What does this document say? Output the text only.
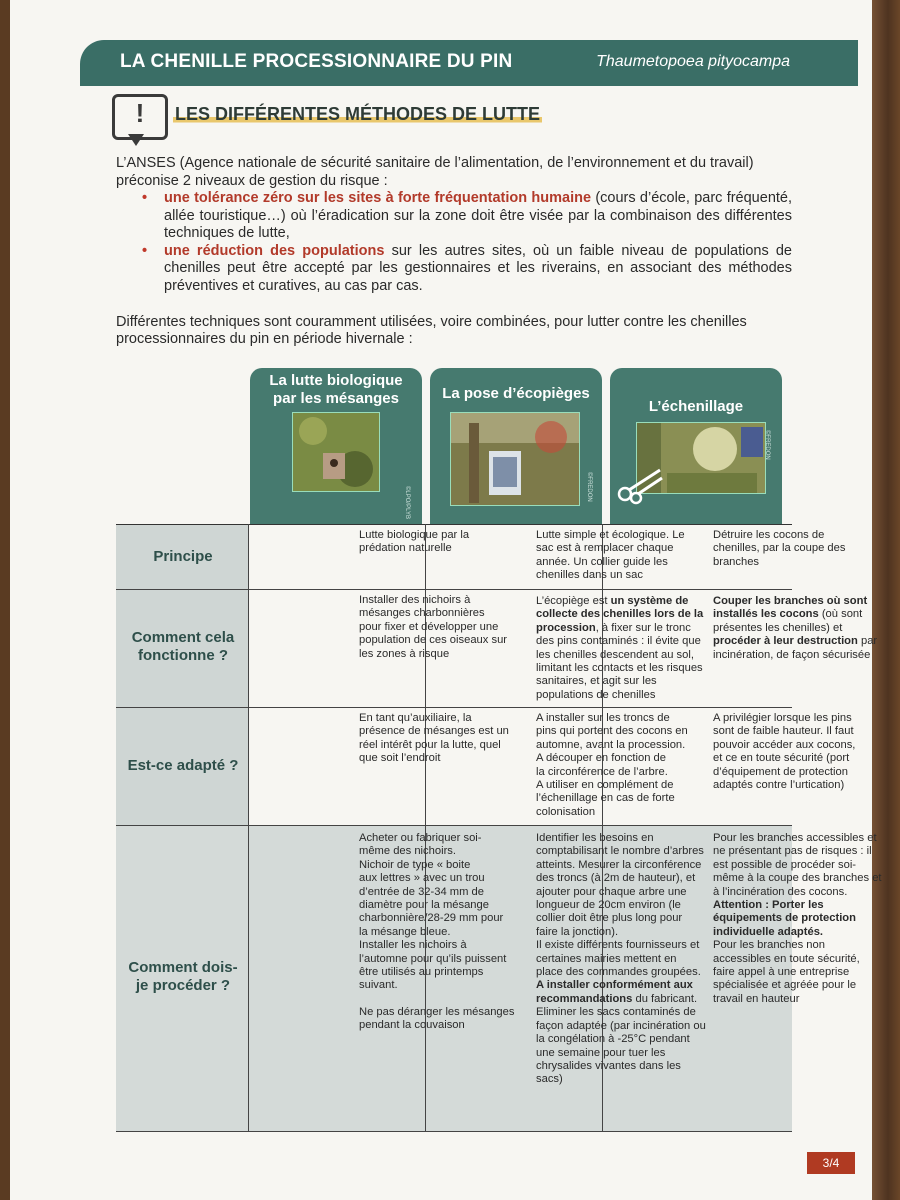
LA CHENILLE PROCESSIONNAIRE DU PIN	Thaumetopoea pityocampa
!	LES DIFFÉRENTES MÉTHODES DE LUTTE

L’ANSES (Agence nationale de sécurité sanitaire de l’alimentation, de l’environnement et du travail) préconise 2 niveaux de gestion du risque :

• une tolérance zéro sur les sites à forte fréquentation humaine (cours d’école, parc fréquenté, allée touristique…) où l’éradication sur la zone doit être visée par la combinaison des différentes techniques de lutte,
• une réduction des populations sur les autres sites, où un faible niveau de populations de chenilles peut être accepté par les gestionnaires et les riverains, en associant des méthodes préventives et curatives, au cas par cas.

Différentes techniques sont couramment utilisées, voire combinées, pour lutter contre les chenilles processionnaires du pin en période hivernale :

La lutte biologique
par les mésanges
©LPO/PLYB
La pose d’écopièges
©FREDON
L’échenillage
©FREDON
Principe
Lutte biologique par la
prédation naturelle
Lutte simple et écologique. Le
sac est à remplacer chaque
année. Un collier guide les
chenilles dans un sac
Détruire les cocons de
chenilles, par la coupe des
branches
Comment cela
fonctionne ?
Installer des nichoirs à
mésanges charbonnières
pour fixer et développer une
population de ces oiseaux sur
les zones à risque
L’écopiège est un système de collecte des chenilles lors de la procession, à fixer sur le tronc des pins contaminés : il évite que les chenilles descendent au sol, limitant les contacts et les risques sanitaires, et agit sur les populations de chenilles
Couper les branches où sont installés les cocons (où sont présentes les chenilles) et procéder à leur destruction par incinération, de façon sécurisée
Est-ce adapté ?
En tant qu’auxiliaire, la
présence de mésanges est un
réel intérêt pour la lutte, quel
que soit l’endroit
A installer sur les troncs de
pins qui portent des cocons en
automne, avant la procession.
A découper en fonction de
la circonférence de l’arbre.
A utiliser en complément de
l’échenillage en cas de forte
colonisation
A privilégier lorsque les pins
sont de faible hauteur. Il faut
pouvoir accéder aux cocons,
et ce en toute sécurité (port
d’équipement de protection
adaptés contre l’urtication)
Comment dois-
je procéder ?
Acheter ou fabriquer soi-
même des nichoirs.
Nichoir de type « boite
aux lettres » avec un trou
d’entrée de 32-34 mm de
diamètre pour la mésange
charbonnière/28-29 mm pour
la mésange bleue.
Installer les nichoirs à
l’automne pour qu’ils puissent
être utilisés au printemps
suivant.
Ne pas déranger les mésanges
pendant la couvaison
Identifier les besoins en comptabilisant le nombre d’arbres atteints. Mesurer la circonférence des troncs (à 2m de hauteur), et ajouter pour chaque arbre une longueur de 20cm environ (le collier doit être plus long pour faire la jonction).
Il existe différents fournisseurs et certaines mairies mettent en place des commandes groupées.
A installer conformément aux recommandations du fabricant.
Eliminer les sacs contaminés de façon adaptée (par incinération ou la congélation à -25°C pendant une semaine pour tuer les chrysalides vivantes dans les sacs)
Pour les branches accessibles et ne présentant pas de risques : il est possible de procéder soi-même à la coupe des branches et à l’incinération des cocons.
Attention : Porter les équipements de protection individuelle adaptés.
Pour les branches non accessibles en toute sécurité, faire appel à une entreprise spécialisée et agréée pour le travail en hauteur
3/4
